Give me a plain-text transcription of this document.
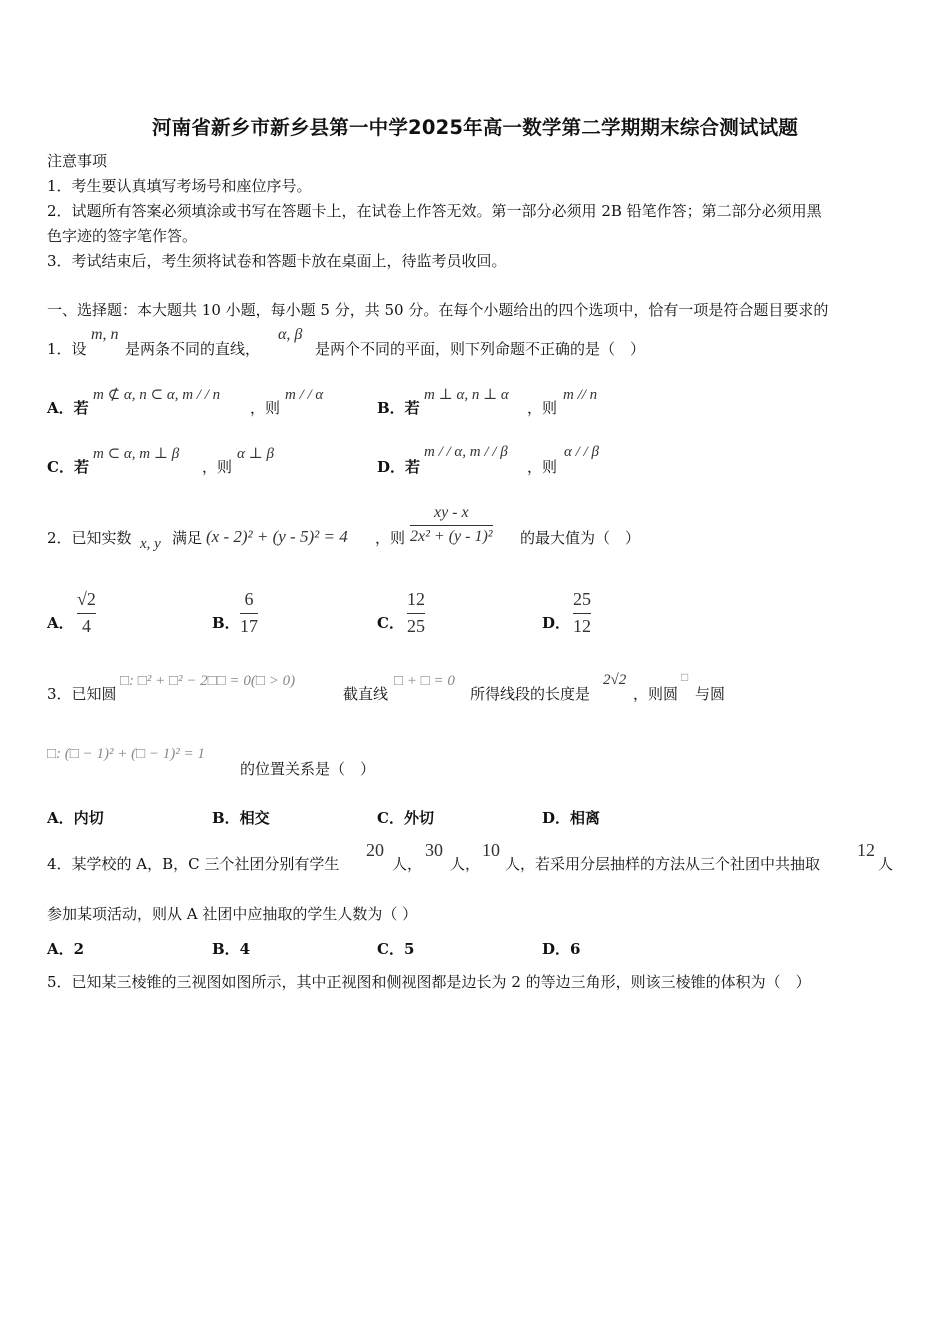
河南省新乡市新乡县第一中学2025年高一数学第二学期期末综合测试试题
注意事项
1．考生要认真填写考场号和座位序号。
2．试题所有答案必须填涂或书写在答题卡上，在试卷上作答无效。第一部分必须用 2B 铅笔作答；第二部分必须用黑
色字迹的签字笔作答。
3．考试结束后，考生须将试卷和答题卡放在桌面上，待监考员收回。
一、选择题：本大题共 10 小题，每小题 5 分，共 50 分。在每个小题给出的四个选项中，恰有一项是符合题目要求的
1．设
m, n
是两条不同的直线，
α, β
是两个不同的平面，则下列命题不正确的是（　）
A．若
m ⊄ α, n ⊂ α, m / / n
，则
m / / α
B．若
m ⊥ α, n ⊥ α
，则
m // n
C．若
m ⊂ α, m ⊥ β
，则
α ⊥ β
D．若
m / / α, m / / β
，则
α / / β
2．已知实数 x, y 满足 (x - 2)² + (y - 5)² = 4 ，则
xy - x
2x² + (y - 1)² 的最大值为（　）
A．
√2
4	B．
6
17	C．
12
25	D．
25
12
3．已知圆
□: □² + □² − 2□□ = 0(□ > 0)
截直线
□ + □ = 0
所得线段的长度是
2√2
，则圆
□
与圆
□: (□ − 1)² + (□ − 1)² = 1
的位置关系是（　）
A．内切	B．相交	C．外切	D．相离
4．某学校的 A，B，C 三个社团分别有学生
20
人，
30
人，
10
人，若采用分层抽样的方法从三个社团中共抽取
12
人
参加某项活动，则从 A 社团中应抽取的学生人数为（ ）
A．2	B．4	C．5	D．6
5．已知某三棱锥的三视图如图所示，其中正视图和侧视图都是边长为 2 的等边三角形，则该三棱锥的体积为（　）
